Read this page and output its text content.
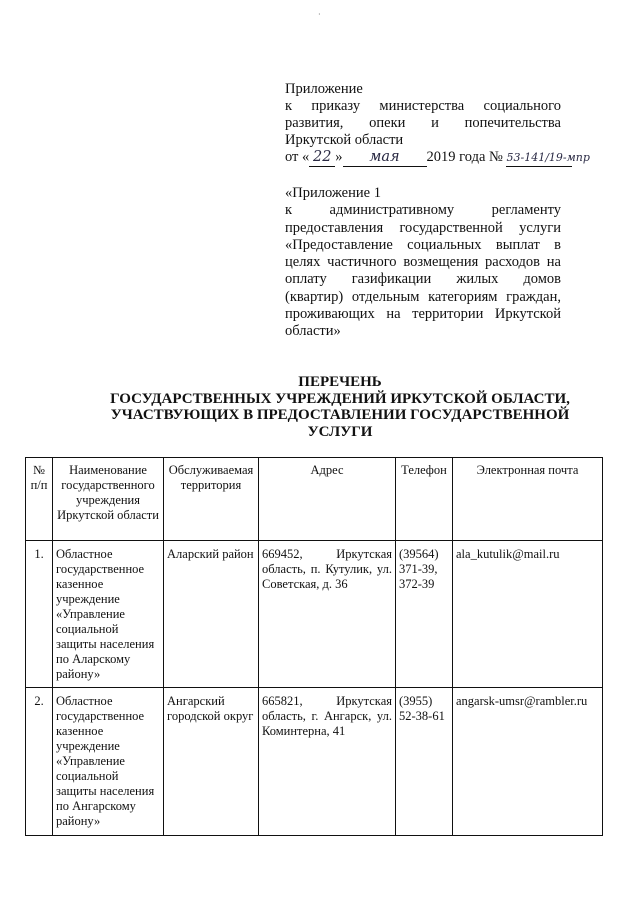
·
Приложение
к приказу министерства социального
развития, опеки и попечительства
Иркутской области
от « 22 » мая 2019 года № 53-141/19-мпр
«Приложение 1
к административному регламенту
предоставления государственной услуги
«Предоставление социальных выплат в
целях частичного возмещения расходов на
оплату газификации жилых домов
(квартир) отдельным категориям граждан,
проживающих на территории Иркутской
области»
ПЕРЕЧЕНЬ
ГОСУДАРСТВЕННЫХ УЧРЕЖДЕНИЙ ИРКУТСКОЙ ОБЛАСТИ,
УЧАСТВУЮЩИХ В ПРЕДОСТАВЛЕНИИ ГОСУДАРСТВЕННОЙ
УСЛУГИ
№ п/п	Наименование государственного учреждения Иркутской области	Обслуживаемая территория	Адрес	Телефон	Электронная почта
1.	Областное государственное казенное учреждение «Управление социальной защиты населения по Аларскому району»	Аларский район	669452, Иркутская область, п. Кутулик, ул. Советская, д. 36	(39564) 371-39, 372-39	ala_kutulik@mail.ru
2.	Областное государственное казенное учреждение «Управление социальной защиты населения по Ангарскому району»	Ангарский городской округ	665821, Иркутская область, г. Ангарск, ул. Коминтерна, 41	(3955) 52-38-61	angarsk-umsr@rambler.ru
